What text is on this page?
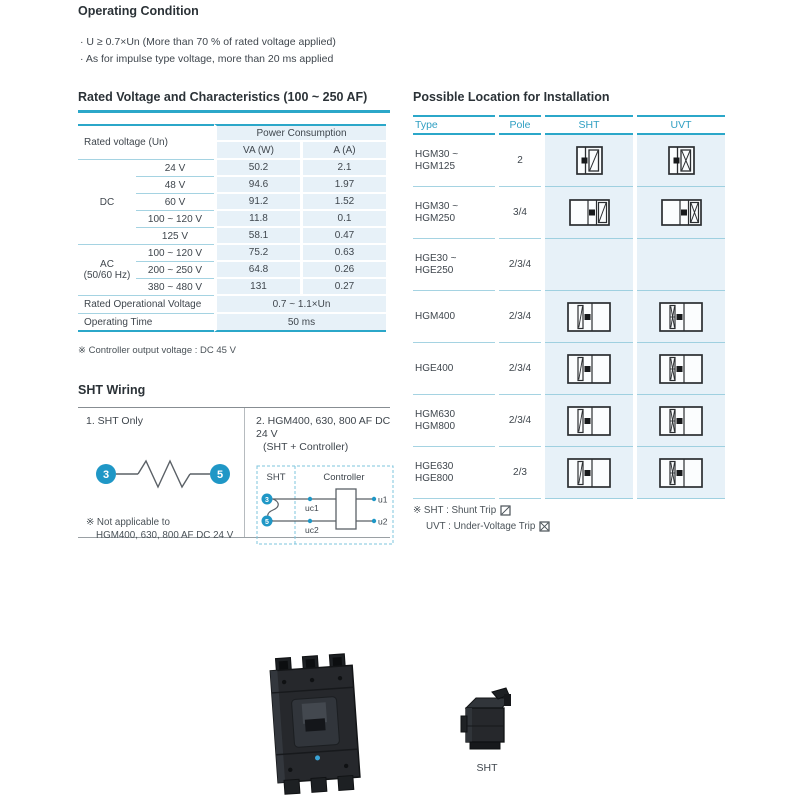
Operating Condition
· U ≥ 0.7×Un (More than 70 % of rated voltage applied)
· As for impulse type voltage, more than 20 ms applied
Rated Voltage and Characteristics (100 ~ 250 AF)
Rated voltage (Un)
Power Consumption
VA (W)	A (A)
DC
24 V	50.2	2.1
48 V	94.6	1.97
60 V	91.2	1.52
100 ~ 120 V	11.8	0.1
125 V	58.1	0.47
AC
(50/60 Hz)
100 ~ 120 V	75.2	0.63
200 ~ 250 V	64.8	0.26
380 ~ 480 V	131	0.27
Rated Operational Voltage	0.7 ~ 1.1×Un
Operating Time	50 ms
※ Controller output voltage : DC 45 V
Possible Location for Installation
Type	Pole	SHT	UVT
HGM30 ~
HGM125	2
HGM30 ~
HGM250	3/4
HGE30 ~
HGE250	2/3/4
HGM400	2/3/4
HGE400	2/3/4
HGM630
HGM800	2/3/4
HGE630
HGE800	2/3
※ SHT : Shunt Trip
UVT : Under-Voltage Trip
SHT Wiring
1. SHT Only
3	5
※ Not applicable to
HGM400, 630, 800 AF DC 24 V
2. HGM400, 630, 800 AF DC 24 V
(SHT + Controller)
SHT	Controller
3
5
uc1
uc2
u1
u2
SHT
